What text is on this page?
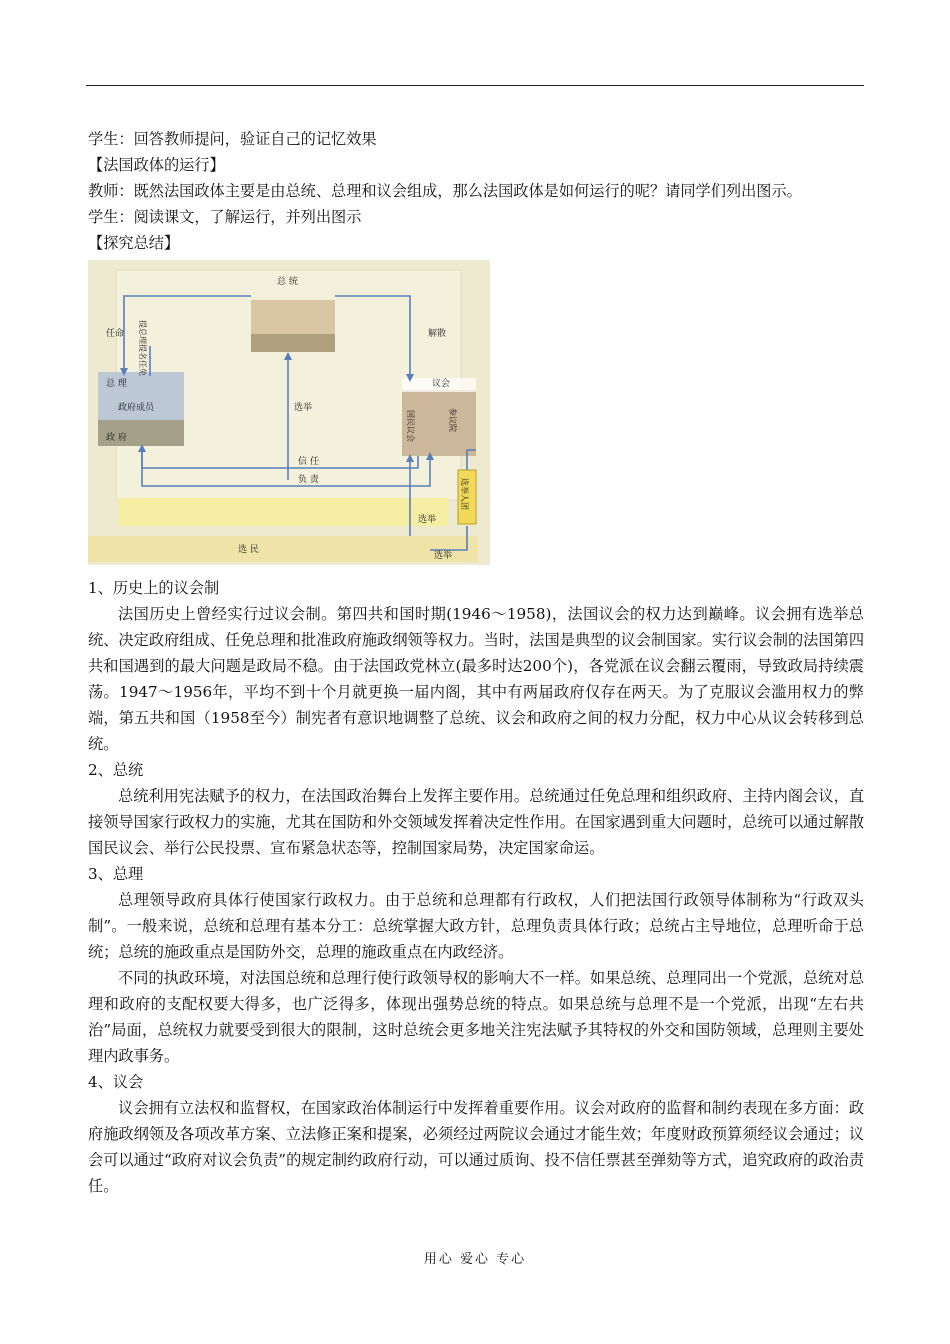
学生：回答教师提问，验证自己的记忆效果
【法国政体的运行】
教师：既然法国政体主要是由总统、总理和议会组成，那么法国政体是如何运行的呢？请同学们列出图示。
学生：阅读课文，了解运行，并列出图示
【探究总结】
总 统
任命	解散
总 理
政府成员
政 府
议会
选举
信 任
负 责
选 民
选举
选举
提总理提名任免
国民议会	参议院
选举人团
1、历史上的议会制
法国历史上曾经实行过议会制。第四共和国时期(1946～1958)，法国议会的权力达到巅峰。议会拥有选举总统、决定政府组成、任免总理和批准政府施政纲领等权力。当时，法国是典型的议会制国家。实行议会制的法国第四共和国遇到的最大问题是政局不稳。由于法国政党林立(最多时达200个)，各党派在议会翻云覆雨，导致政局持续震荡。1947～1956年，平均不到十个月就更换一届内阁，其中有两届政府仅存在两天。为了克服议会滥用权力的弊端，第五共和国（1958至今）制宪者有意识地调整了总统、议会和政府之间的权力分配，权力中心从议会转移到总统。
2、总统
总统利用宪法赋予的权力，在法国政治舞台上发挥主要作用。总统通过任免总理和组织政府、主持内阁会议，直接领导国家行政权力的实施，尤其在国防和外交领域发挥着决定性作用。在国家遇到重大问题时，总统可以通过解散国民议会、举行公民投票、宣布紧急状态等，控制国家局势，决定国家命运。
3、总理
总理领导政府具体行使国家行政权力。由于总统和总理都有行政权，人们把法国行政领导体制称为“行政双头制”。一般来说，总统和总理有基本分工：总统掌握大政方针，总理负责具体行政；总统占主导地位，总理听命于总统；总统的施政重点是国防外交，总理的施政重点在内政经济。
不同的执政环境，对法国总统和总理行使行政领导权的影响大不一样。如果总统、总理同出一个党派，总统对总理和政府的支配权要大得多，也广泛得多，体现出强势总统的特点。如果总统与总理不是一个党派，出现“左右共治”局面，总统权力就要受到很大的限制，这时总统会更多地关注宪法赋予其特权的外交和国防领域，总理则主要处理内政事务。
4、议会
议会拥有立法权和监督权，在国家政治体制运行中发挥着重要作用。议会对政府的监督和制约表现在多方面：政府施政纲领及各项改革方案、立法修正案和提案，必须经过两院议会通过才能生效；年度财政预算须经议会通过；议会可以通过“政府对议会负责”的规定制约政府行动，可以通过质询、投不信任票甚至弹劾等方式，追究政府的政治责任。
用心 爱心 专心
